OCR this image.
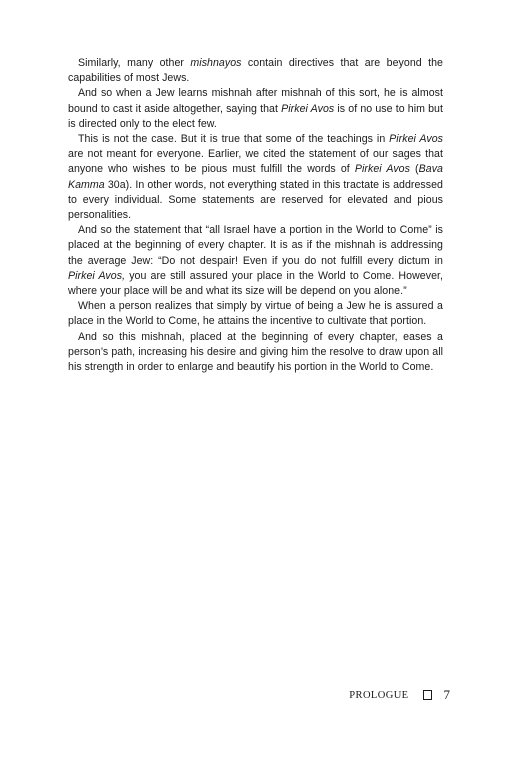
Similarly, many other mishnayos contain directives that are beyond the capabilities of most Jews.

And so when a Jew learns mishnah after mishnah of this sort, he is almost bound to cast it aside altogether, saying that Pirkei Avos is of no use to him but is directed only to the elect few.

This is not the case. But it is true that some of the teachings in Pirkei Avos are not meant for everyone. Earlier, we cited the statement of our sages that anyone who wishes to be pious must fulfill the words of Pirkei Avos (Bava Kamma 30a). In other words, not everything stated in this tractate is addressed to every individual. Some statements are reserved for elevated and pious personalities.

And so the statement that “all Israel have a portion in the World to Come” is placed at the beginning of every chapter. It is as if the mishnah is addressing the average Jew: “Do not despair! Even if you do not fulfill every dictum in Pirkei Avos, you are still assured your place in the World to Come. However, where your place will be and what its size will be depend on you alone.”

When a person realizes that simply by virtue of being a Jew he is assured a place in the World to Come, he attains the incentive to cultivate that portion.

And so this mishnah, placed at the beginning of every chapter, eases a person’s path, increasing his desire and giving him the resolve to draw upon all his strength in order to enlarge and beautify his portion in the World to Come.

PROLOGUE	7
